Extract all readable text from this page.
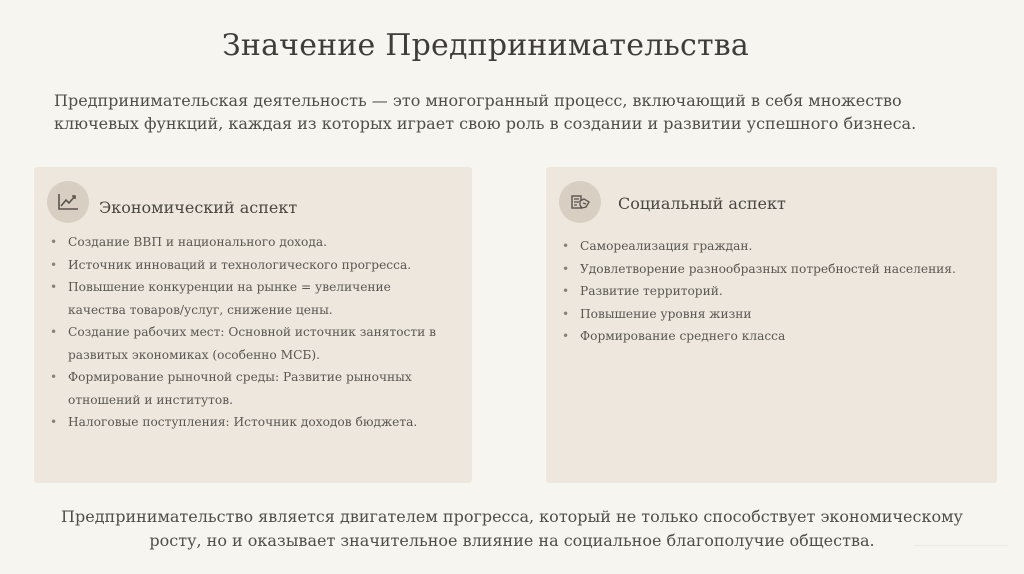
Значение Предпринимательства
Предпринимательская деятельность — это многогранный процесс, включающий в себя множество ключевых функций, каждая из которых играет свою роль в создании и развитии успешного бизнеса.
Экономический аспект
• Создание ВВП и национального дохода.
• Источник инноваций и технологического прогресса.
• Повышение конкуренции на рынке = увеличение качества товаров/услуг, снижение цены.
• Создание рабочих мест: Основной источник занятости в развитых экономиках (особенно МСБ).
• Формирование рыночной среды: Развитие рыночных отношений и институтов.
• Налоговые поступления: Источник доходов бюджета.
Социальный аспект
• Самореализация граждан.
• Удовлетворение разнообразных потребностей населения.
• Развитие территорий.
• Повышение уровня жизни
• Формирование среднего класса
Предпринимательство является двигателем прогресса, который не только способствует экономическому росту, но и оказывает значительное влияние на социальное благополучие общества.
